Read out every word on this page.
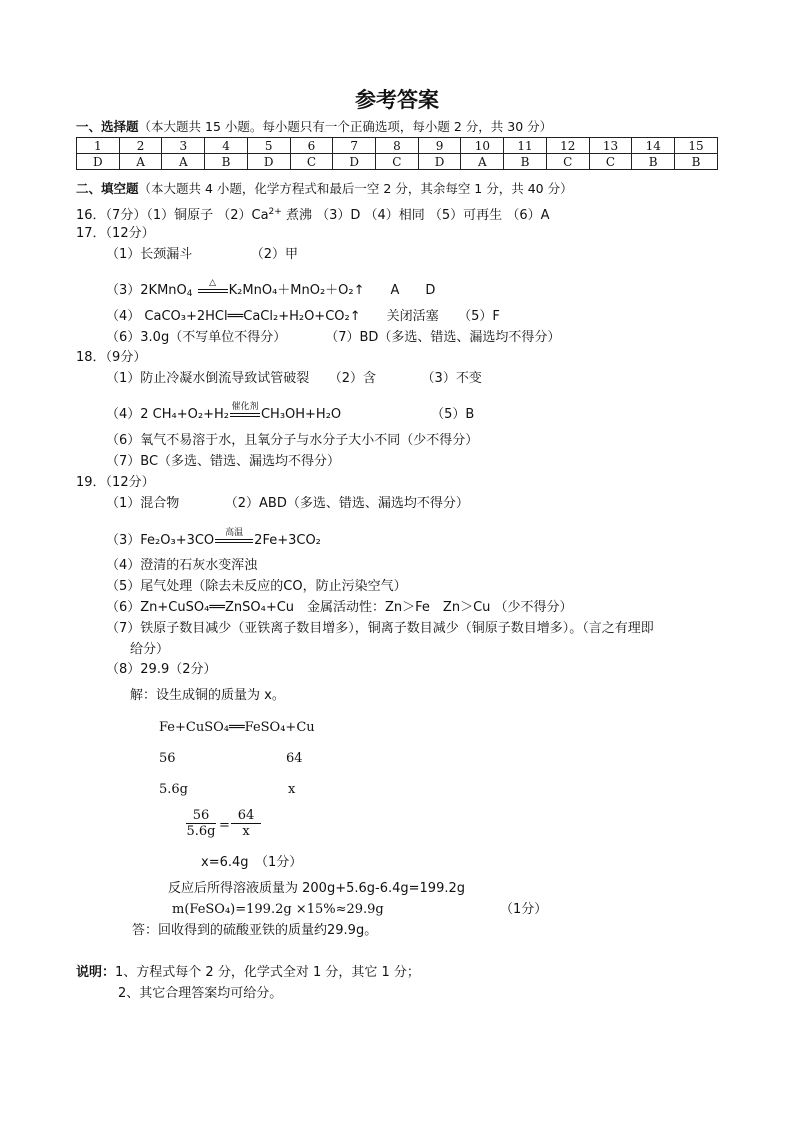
参考答案
一、选择题（本大题共 15 小题。每小题只有一个正确选项，每小题 2 分，共 30 分）
1	2	3	4	5	6	7	8	9	10	11	12	13	14	15
D	A	A	B	D	C	D	C	D	A	B	C	C	B	B
二、填空题（本大题共 4 小题，化学方程式和最后一空 2 分，其余每空 1 分，共 40 分）
16．（7分）（1）铜原子 $(2)Ca^{2+}$ 煮沸 （3）D （4）相同 （5）可再生 （6）A
17．（12分）
（1）长颈漏斗　　　　　（2）甲
（3）2KMnO$_4$
△
K₂MnO₄＋MnO₂＋O₂↑　　A　　D
（4） CaCO₃+2HCl══CaCl₂+H₂O+CO₂↑　　关闭活塞　　（5）F
（6）3.0g（不写单位不得分）　　　　（7）BD（多选、错选、漏选均不得分）
18．（9分）
（1）防止冷凝水倒流导致试管破裂　　（2）含　　　　（3）不变
（4）2 CH₄+O₂+H₂
催化剂
CH₃OH+H₂O	（5）B
（6）氧气不易溶于水，且氧分子与水分子大小不同（少不得分）
（7）BC（多选、错选、漏选均不得分）
19．（12分）
（1）混合物　　　　（2）ABD（多选、错选、漏选均不得分）
（3）Fe₂O₃+3CO
高温
2Fe+3CO₂
（4）澄清的石灰水变浑浊
（5）尾气处理（除去未反应的CO，防止污染空气）
（6）Zn+CuSO₄══ZnSO₄+Cu　金属活动性：Zn＞Fe　Zn＞Cu （少不得分）
（7）铁原子数目减少（亚铁离子数目增多），铜离子数目减少（铜原子数目增多）。（言之有理即
给分）
（8）29.9（2分）
解：设生成铜的质量为 x。
Fe+CuSO₄══FeSO₄+Cu
56	64
5.6g	x
$\frac{56}{5.6g} = \frac{64}{x}$
x=6.4g　（1分）
反应后所得溶液质量为 200g+5.6g-6.4g=199.2g
m(FeSO₄)=199.2g ×15%≈29.9g	（1分）
答：回收得到的硫酸亚铁的质量约29.9g。
说明：1、方程式每个 2 分，化学式全对 1 分，其它 1 分；
2、其它合理答案均可给分。
